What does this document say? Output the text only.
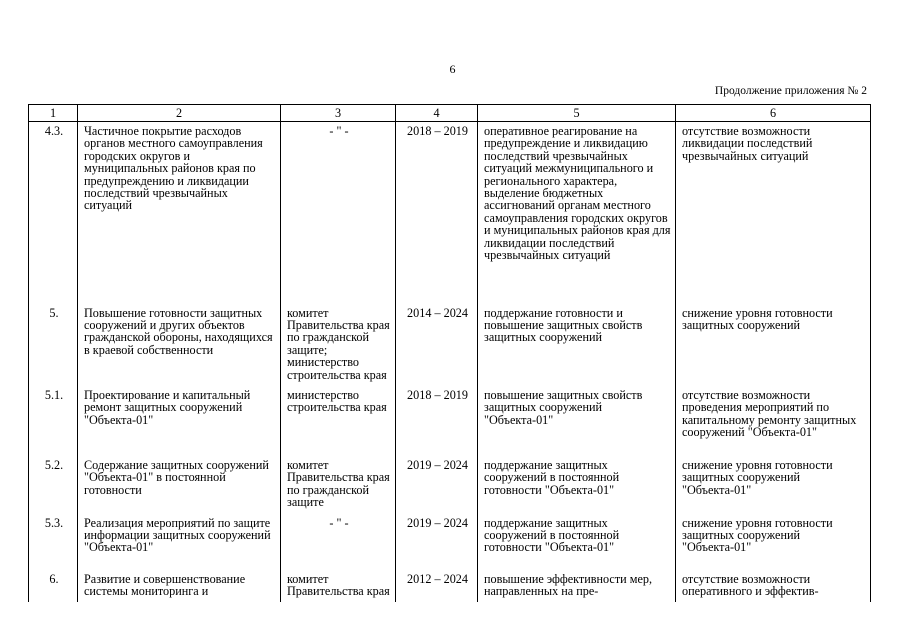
6
Продолжение приложения № 2
1	2	3	4	5	6
4.3.	Частичное покрытие расходов органов местного самоуправления городских округов и муниципальных районов края по предупреждению и ликвидации последствий чрезвычайных ситуаций	- " -	2018 – 2019	оперативное реагирование на предупреждение и ликвидацию последствий чрезвычайных ситуаций межмуниципального и регионального характера, выделение бюджетных ассигнований органам местного самоуправления городских округов и муниципальных районов края для ликвидации последствий чрезвычайных ситуаций	отсутствие возможности ликвидации последствий чрезвычайных ситуаций
5.	Повышение готовности защитных сооружений и других объектов гражданской обороны, находящихся в краевой собственности	комитет Правительства края по гражданской защите; министерство строительства края	2014 – 2024	поддержание готовности и повышение защитных свойств защитных сооружений	снижение уровня готовности защитных сооружений
5.1.	Проектирование и капитальный ремонт защитных сооружений "Объекта-01"	министерство строительства края	2018 – 2019	повышение защитных свойств защитных сооружений "Объекта-01"	отсутствие возможности проведения мероприятий по капитальному ремонту защитных сооружений "Объекта-01"
5.2.	Содержание защитных сооружений "Объекта-01" в постоянной готовности	комитет Правительства края по гражданской защите	2019 – 2024	поддержание защитных сооружений в постоянной готовности "Объекта-01"	снижение уровня готовности защитных сооружений "Объекта-01"
5.3.	Реализация мероприятий по защите информации защитных сооружений "Объекта-01"	- " -	2019 – 2024	поддержание защитных сооружений в постоянной готовности "Объекта-01"	снижение уровня готовности защитных сооружений "Объекта-01"
6.	Развитие и совершенствование системы мониторинга и	комитет Правительства края	2012 – 2024	повышение эффективности мер, направленных на пре-	отсутствие возможности оперативного и эффектив-
